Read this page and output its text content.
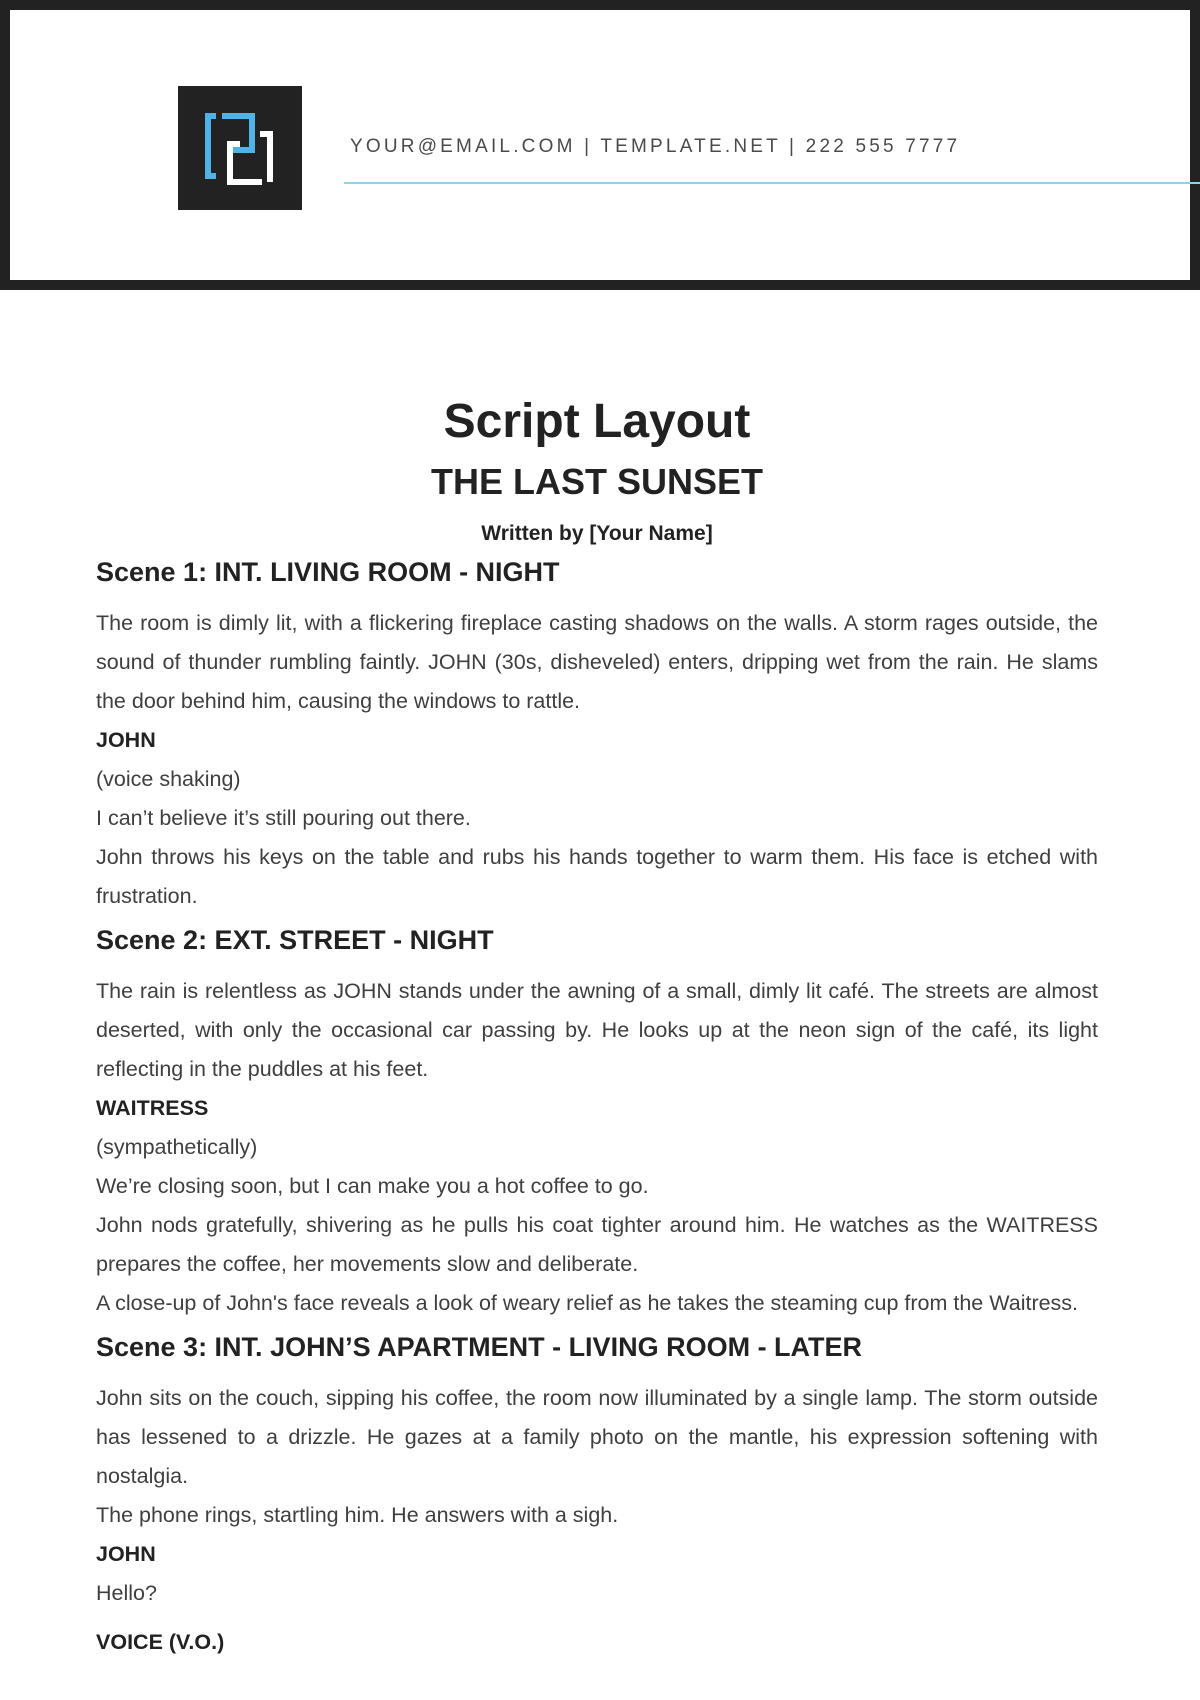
YOUR@EMAIL.COM | TEMPLATE.NET | 222 555 7777
Script Layout
THE LAST SUNSET

Written by [Your Name]

Scene 1: INT. LIVING ROOM - NIGHT

The room is dimly lit, with a flickering fireplace casting shadows on the walls. A storm rages outside, the sound of thunder rumbling faintly. JOHN (30s, disheveled) enters, dripping wet from the rain. He slams the door behind him, causing the windows to rattle.

JOHN

(voice shaking)

I can’t believe it’s still pouring out there.

John throws his keys on the table and rubs his hands together to warm them. His face is etched with frustration.

Scene 2: EXT. STREET - NIGHT

The rain is relentless as JOHN stands under the awning of a small, dimly lit café. The streets are almost deserted, with only the occasional car passing by. He looks up at the neon sign of the café, its light reflecting in the puddles at his feet.

WAITRESS

(sympathetically)

We’re closing soon, but I can make you a hot coffee to go.

John nods gratefully, shivering as he pulls his coat tighter around him. He watches as the WAITRESS prepares the coffee, her movements slow and deliberate.

A close-up of John's face reveals a look of weary relief as he takes the steaming cup from the Waitress.

Scene 3: INT. JOHN’S APARTMENT - LIVING ROOM - LATER

John sits on the couch, sipping his coffee, the room now illuminated by a single lamp. The storm outside has lessened to a drizzle. He gazes at a family photo on the mantle, his expression softening with nostalgia.

The phone rings, startling him. He answers with a sigh.

JOHN

Hello?

VOICE (V.O.)
